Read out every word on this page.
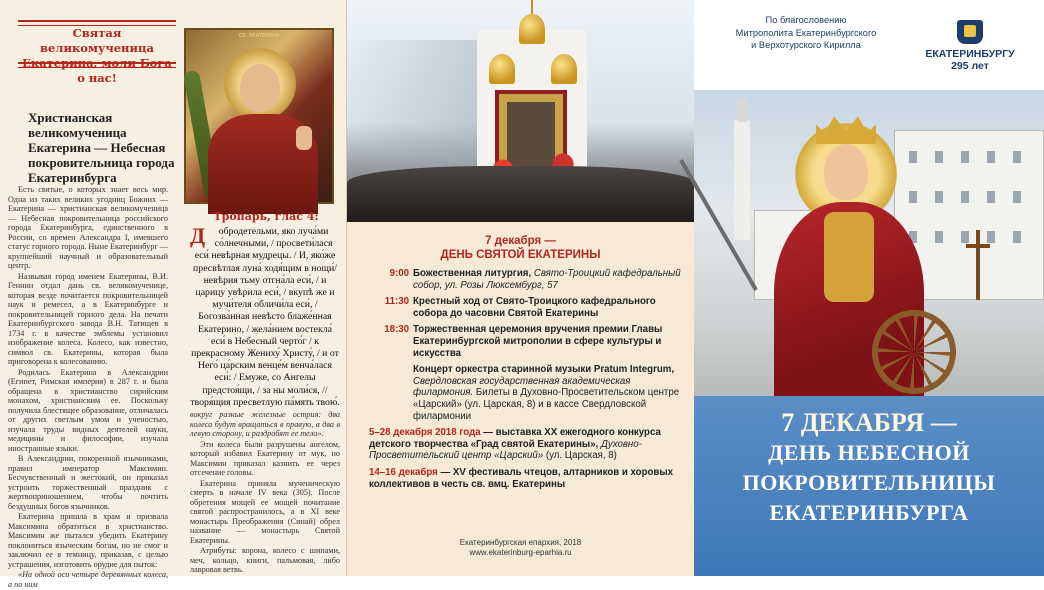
Святая великомученица
Екатерина, моли Бога о нас!
СВ. ЕКАТЕРИНА
Христианская великомученица Екатерина — Небесная покровительница города Екатеринбурга

Есть святые, о которых знает весь мир. Одна из таких великих угодниц Божиих — Екатерина — христианская великомученица — Небесная покровительница российского города Екатеринбурга, единственного в России, со времен Александра I, имевшего статус горного города. Ныне Екатеринбург — крупнейший научный и образовательный центр.

Назвывая город именем Екатерины, В.И. Геннин отдал дань св. великомученице, которая везде почитается покровительницей наук и ремесел, а в Екатеринбурге и покровительницей горного дела. На печати Екатеринбургского завода В.Н. Татищев в 1734 г. в качестве эмблемы установил изображение колеса. Колесо, как известно, символ св. Екатерины, которая была приговорена к колесованию.

Родилась Екатерина в Александрии (Египет, Римская империя) в 287 г. и была обращена в христианство сирийским монахом, христианским ее. Поскольку получила блестящее образование, отличалась от других светлым умом и ученостью, изучала труды видных деятелей науки, медицины и философии, изучала иностранные языки.

В Александрии, покоренной язычниками, правил император Максимин. Бесчувственный и жестокий, он приказал устроить торжественный праздник с жертвоприношением, чтобы почтить бездушных богов язычников.

Екатерина пришла в храм и призвала Максимина обратиться в христианство. Максимин же пытался убедить Екатерину поклониться языческим богам, но не смог и заключил ее в темницу, приказав, с целью устрашения, изготовить орудие для пыток:

«На одной оси четыре деревянных колеса, а по ним

Тропарь, глас 4:
Д обродетельми, яко луча́ми со́лнечными, / просвети́лася еси́ невѣрная мудрецы. / И, яко́же пресвѣтлая луна́ ходя́щим в нощи́/ невѣрия тьму отгна́ла еси́, / и царицу увѣрила еси́, / вкупѣ же и мучи́теля обличи́ла еси́, / Богозва́нная невѣсто блаже́нная Екатерино, / жела́нием востекла́ еси́ в Небесный черто́г / к прекрасному Жениху́ Христу́, / и от Него́ ца́рским венце́м венча́лася еси́: / Емуже, со Ангелы предстоя́щи, / за ны моли́ся, // творя́щия пресветлую па́мять твою́.

вокруг разные железные острия: два колеса будут вращаться в правую, а два в левую сторону, и раздробят ее тело».

Эти колеса были разрушены ангелом, который избавил Екатерину от мук, но Максимин приказал казнить ее через отсечение головы.

Екатерина приняла мученическую смерть в начале IV века (305). После обретения мощей ее мощей почитание святой распространилось, а в XI веке монастырь Преображения (Синай) обрел название — монастырь Святой Екатерины.

Атрибуты: корона, колесо с шипами, меч, кольцо, книги, пальмовая, либо лавровая ветвь.

7 декабря —
ДЕНЬ СВЯТОЙ ЕКАТЕРИНЫ
9:00 Божественная литургия, Свято-Троицкий кафедральный собор, ул. Розы Люксембург, 57
11:30 Крестный ход от Свято-Троицкого кафедрального собора до часовни Святой Екатерины
18:30 Торжественная церемония вручения премии Главы Екатеринбургской митрополии в сфере культуры и искусства
Концерт оркестра старинной музыки Pratum Integrum, Свердловская государственная академическая филармония. Билеты в Духовно-Просветительском центре «Царский» (ул. Царская, 8) и в кассе Свердловской филармонии
5–28 декабря 2018 года — выставка XX ежегодного конкурса детского творчества «Град святой Екатерины», Духовно-Просветительский центр «Царский» (ул. Царская, 8)
14–16 декабря — XV фестиваль чтецов, алтарников и хоровых коллективов в честь св. вмц. Екатерины
Екатеринбургская епархия, 2018
www.ekaterinburg-eparhia.ru
По благословению
Митрополита Екатеринбургского
и Верхотурского Кирилла
ЕКАТЕРИНБУРГУ
295 лет
7 ДЕКАБРЯ —
ДЕНЬ НЕБЕСНОЙ
ПОКРОВИТЕЛЬНИЦЫ
ЕКАТЕРИНБУРГА
